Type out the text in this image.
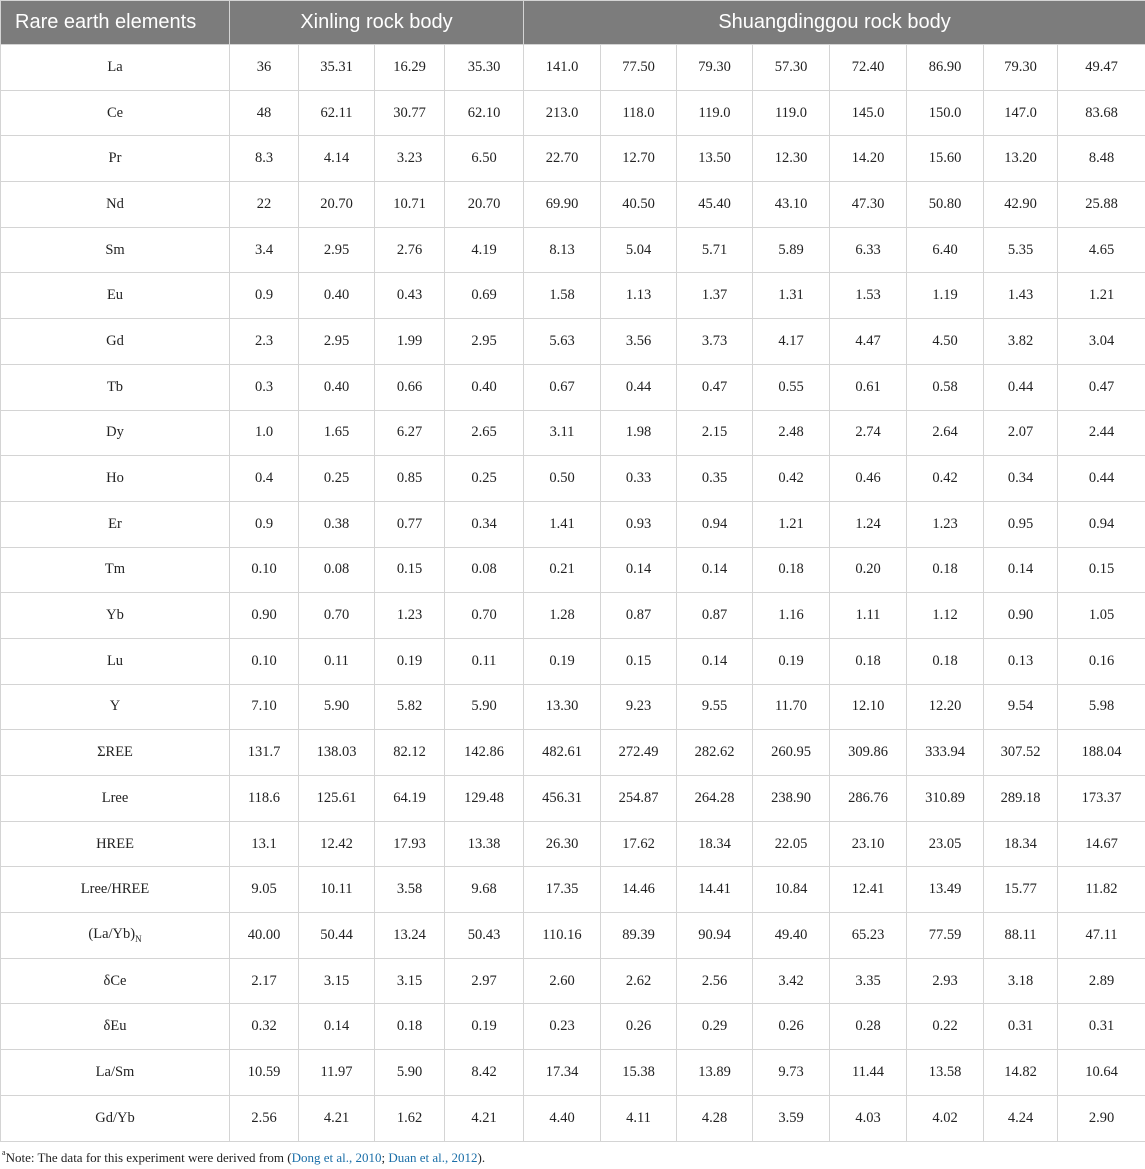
Rare earth elements	Xinling rock body				Shuangdinggou rock body							
La	36	35.31	16.29	35.30	141.0	77.50	79.30	57.30	72.40	86.90	79.30	49.47
Ce	48	62.11	30.77	62.10	213.0	118.0	119.0	119.0	145.0	150.0	147.0	83.68
Pr	8.3	4.14	3.23	6.50	22.70	12.70	13.50	12.30	14.20	15.60	13.20	8.48
Nd	22	20.70	10.71	20.70	69.90	40.50	45.40	43.10	47.30	50.80	42.90	25.88
Sm	3.4	2.95	2.76	4.19	8.13	5.04	5.71	5.89	6.33	6.40	5.35	4.65
Eu	0.9	0.40	0.43	0.69	1.58	1.13	1.37	1.31	1.53	1.19	1.43	1.21
Gd	2.3	2.95	1.99	2.95	5.63	3.56	3.73	4.17	4.47	4.50	3.82	3.04
Tb	0.3	0.40	0.66	0.40	0.67	0.44	0.47	0.55	0.61	0.58	0.44	0.47
Dy	1.0	1.65	6.27	2.65	3.11	1.98	2.15	2.48	2.74	2.64	2.07	2.44
Ho	0.4	0.25	0.85	0.25	0.50	0.33	0.35	0.42	0.46	0.42	0.34	0.44
Er	0.9	0.38	0.77	0.34	1.41	0.93	0.94	1.21	1.24	1.23	0.95	0.94
Tm	0.10	0.08	0.15	0.08	0.21	0.14	0.14	0.18	0.20	0.18	0.14	0.15
Yb	0.90	0.70	1.23	0.70	1.28	0.87	0.87	1.16	1.11	1.12	0.90	1.05
Lu	0.10	0.11	0.19	0.11	0.19	0.15	0.14	0.19	0.18	0.18	0.13	0.16
Y	7.10	5.90	5.82	5.90	13.30	9.23	9.55	11.70	12.10	12.20	9.54	5.98
ΣREE	131.7	138.03	82.12	142.86	482.61	272.49	282.62	260.95	309.86	333.94	307.52	188.04
Lree	118.6	125.61	64.19	129.48	456.31	254.87	264.28	238.90	286.76	310.89	289.18	173.37
HREE	13.1	12.42	17.93	13.38	26.30	17.62	18.34	22.05	23.10	23.05	18.34	14.67
Lree/HREE	9.05	10.11	3.58	9.68	17.35	14.46	14.41	10.84	12.41	13.49	15.77	11.82
$(La/Yb)_N$	40.00	50.44	13.24	50.43	110.16	89.39	90.94	49.40	65.23	77.59	88.11	47.11
δCe	2.17	3.15	3.15	2.97	2.60	2.62	2.56	3.42	3.35	2.93	3.18	2.89
δEu	0.32	0.14	0.18	0.19	0.23	0.26	0.29	0.26	0.28	0.22	0.31	0.31
La/Sm	10.59	11.97	5.90	8.42	17.34	15.38	13.89	9.73	11.44	13.58	14.82	10.64
Gd/Yb	2.56	4.21	1.62	4.21	4.40	4.11	4.28	3.59	4.03	4.02	4.24	2.90
$^a$Note: The data for this experiment were derived from (Dong et al., 2010; Duan et al., 2012).
